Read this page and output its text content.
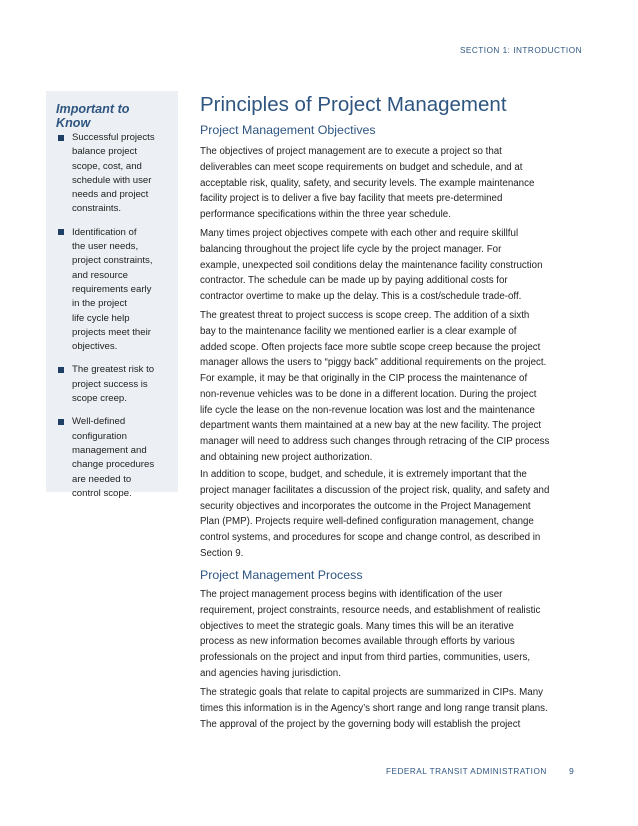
SECTION 1: INTRODUCTION
Important to
Know
Successful projects
balance project
scope, cost, and
schedule with user
needs and project
constraints.
Identification of
the user needs,
project constraints,
and resource
requirements early
in the project
life cycle help
projects meet their
objectives.
The greatest risk to
project success is
scope creep.
Well-defined
configuration
management and
change procedures
are needed to
control scope.
Principles of Project Management
Project Management Objectives

The objectives of project management are to execute a project so that
deliverables can meet scope requirements on budget and schedule, and at
acceptable risk, quality, safety, and security levels. The example maintenance
facility project is to deliver a five bay facility that meets pre-determined
performance specifications within the three year schedule.

Many times project objectives compete with each other and require skillful
balancing throughout the project life cycle by the project manager. For
example, unexpected soil conditions delay the maintenance facility construction
contractor. The schedule can be made up by paying additional costs for
contractor overtime to make up the delay. This is a cost/schedule trade-off.

The greatest threat to project success is scope creep. The addition of a sixth
bay to the maintenance facility we mentioned earlier is a clear example of
added scope. Often projects face more subtle scope creep because the project
manager allows the users to “piggy back” additional requirements on the project.
For example, it may be that originally in the CIP process the maintenance of
non-revenue vehicles was to be done in a different location. During the project
life cycle the lease on the non-revenue location was lost and the maintenance
department wants them maintained at a new bay at the new facility. The project
manager will need to address such changes through retracing of the CIP process
and obtaining new project authorization.

In addition to scope, budget, and schedule, it is extremely important that the
project manager facilitates a discussion of the project risk, quality, and safety and
security objectives and incorporates the outcome in the Project Management
Plan (PMP). Projects require well-defined configuration management, change
control systems, and procedures for scope and change control, as described in
Section 9.

Project Management Process

The project management process begins with identification of the user
requirement, project constraints, resource needs, and establishment of realistic
objectives to meet the strategic goals. Many times this will be an iterative
process as new information becomes available through efforts by various
professionals on the project and input from third parties, communities, users,
and agencies having jurisdiction.

The strategic goals that relate to capital projects are summarized in CIPs. Many
times this information is in the Agency’s short range and long range transit plans.
The approval of the project by the governing body will establish the project

FEDERAL TRANSIT ADMINISTRATION	9
